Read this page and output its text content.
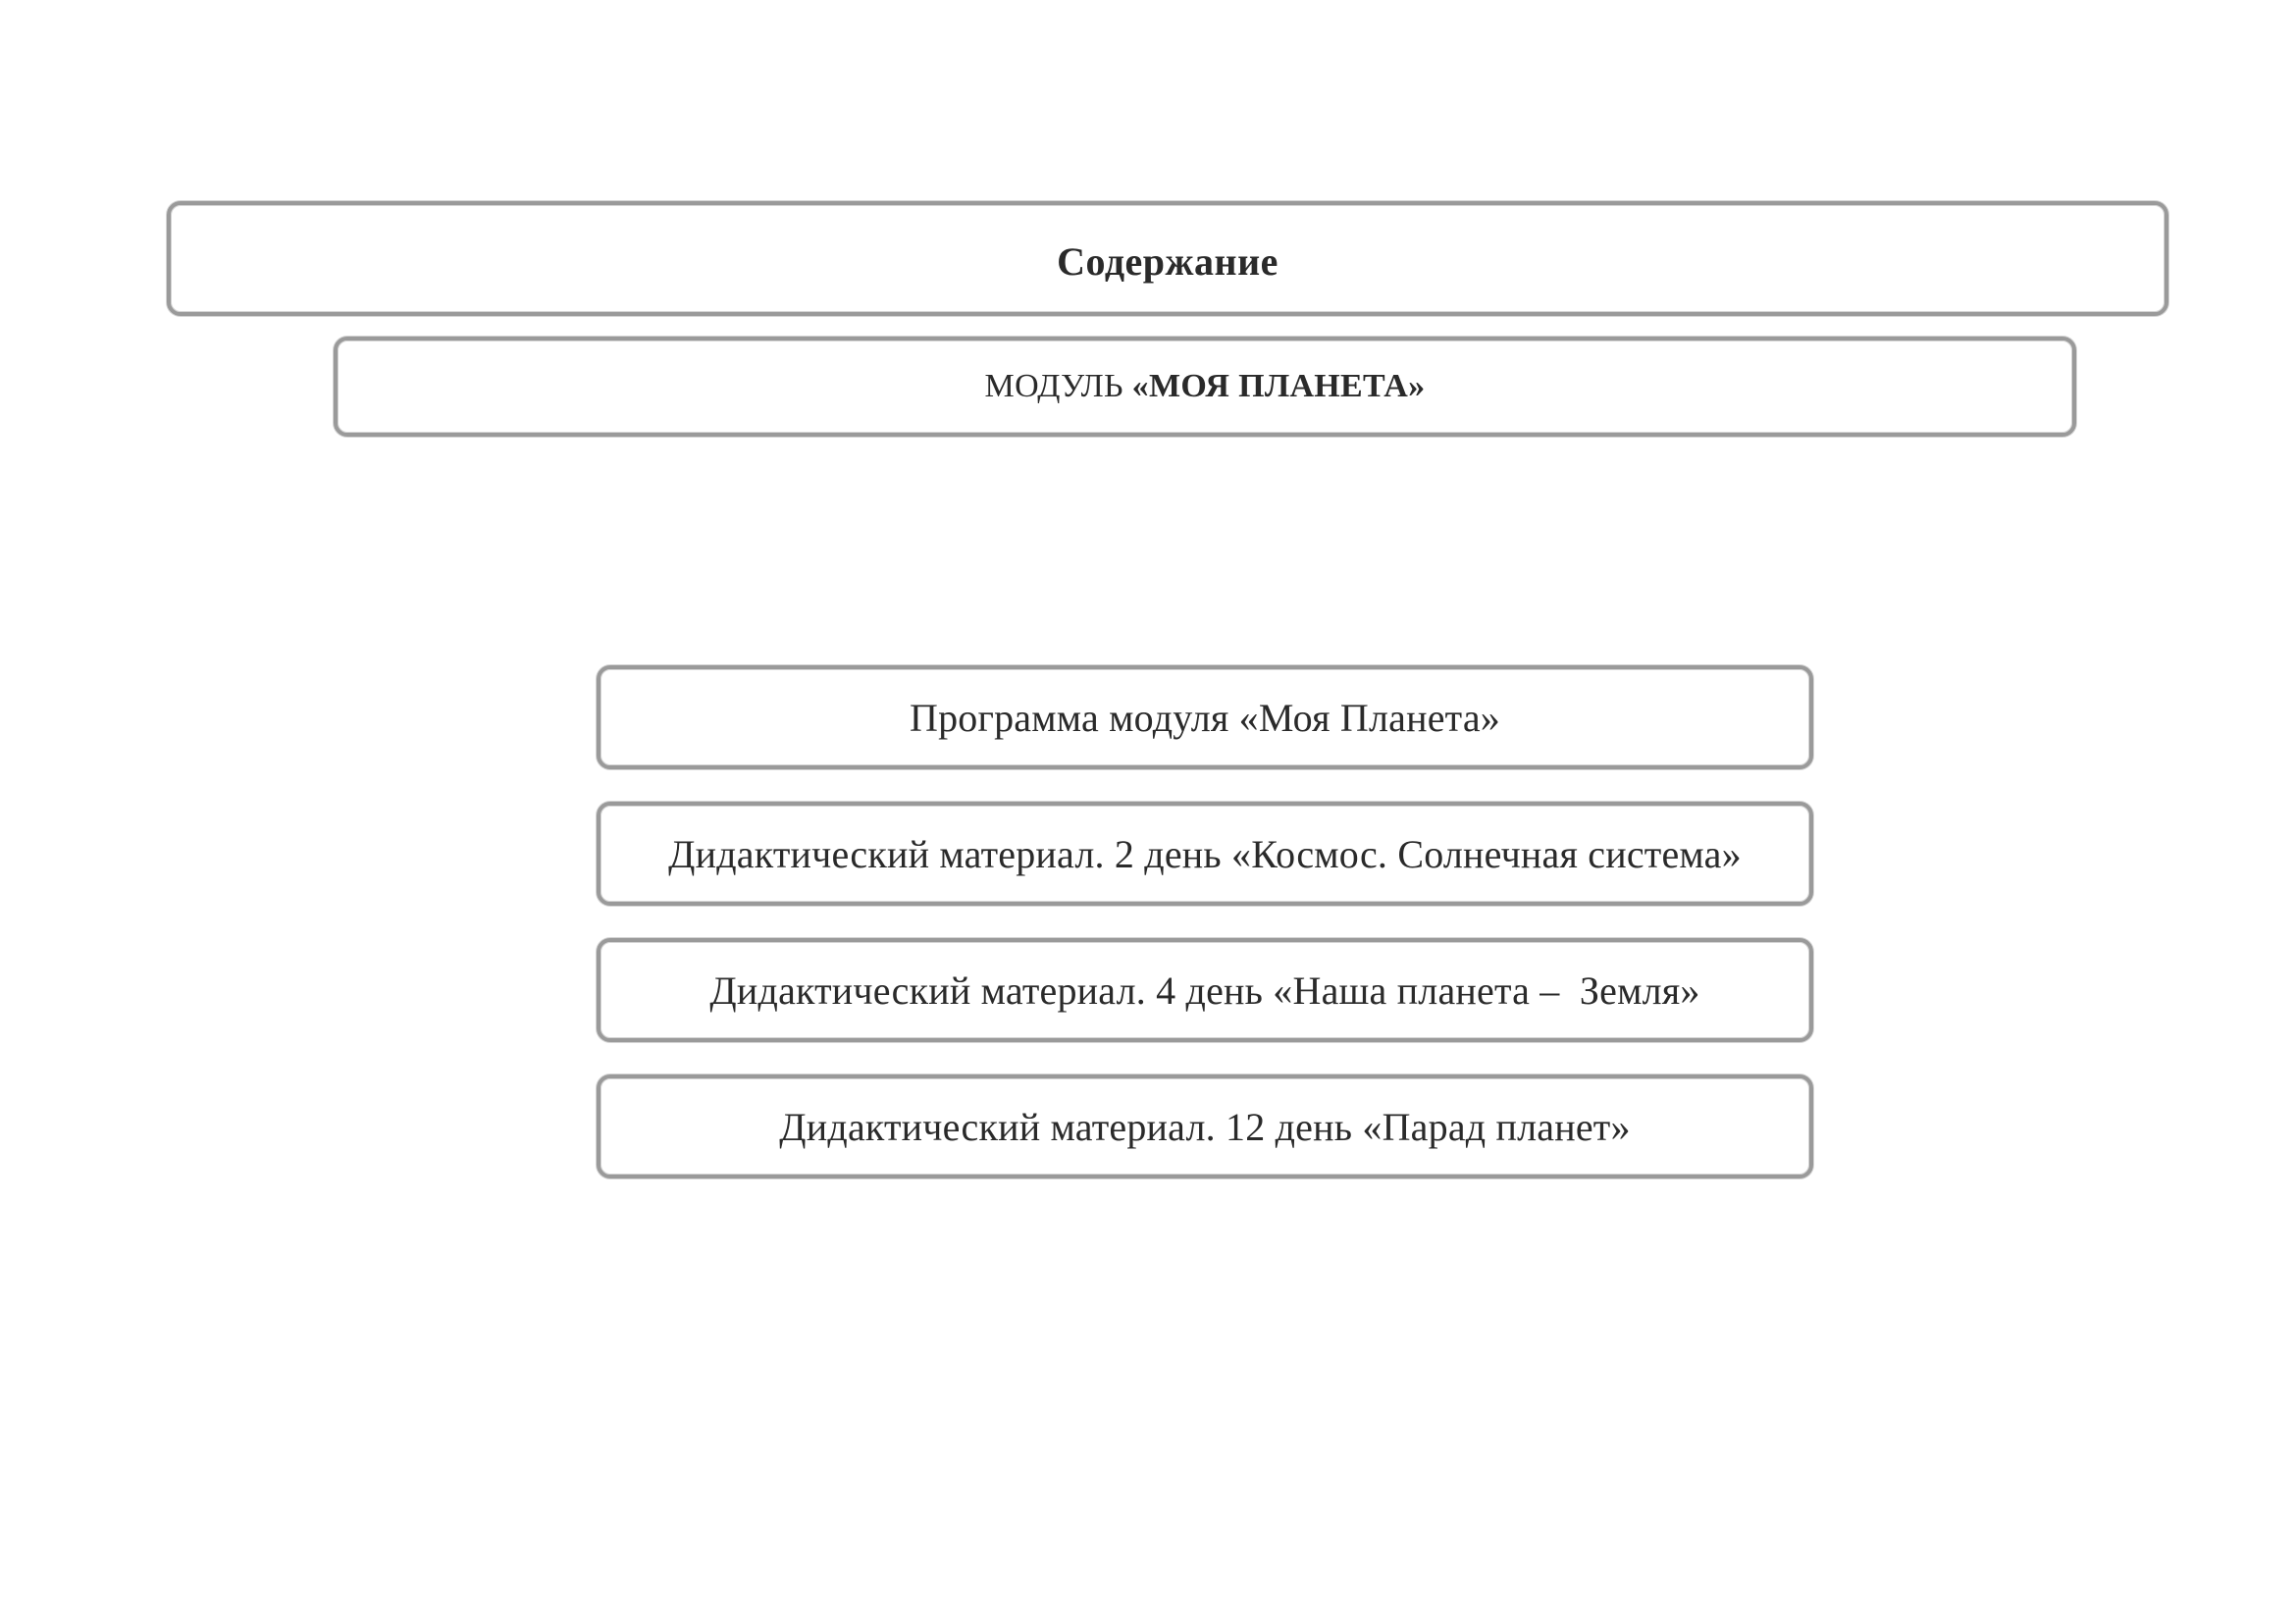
Содержание
МОДУЛЬ «МОЯ ПЛАНЕТА»
Программа модуля «Моя Планета»
Дидактический материал. 2 день «Космос. Солнечная система»
Дидактический материал. 4 день «Наша планета –  Земля»
Дидактический материал. 12 день «Парад планет»
